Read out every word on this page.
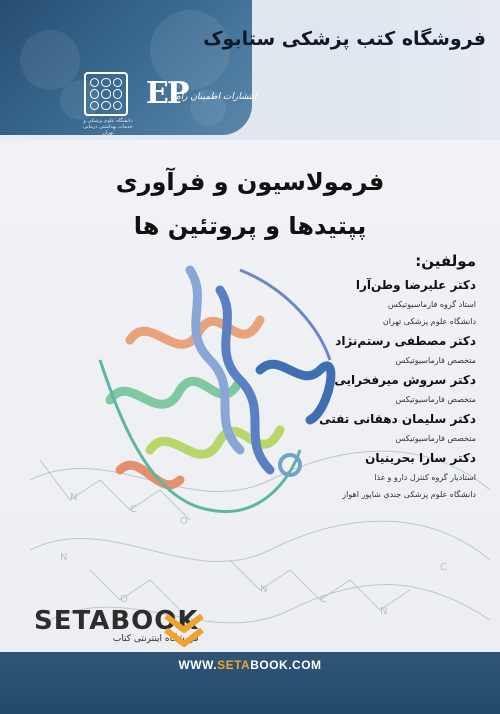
N
C
O
N
C
N
O
C
N
فروشگاه کتب پزشکی ستابوک
دانشگاه علوم پزشکی و خدمات بهداشتی درمانی تهران
EP
انتشارات اطمینان راه
فرمولاسیون و فرآوری
پپتیدها و پروتئین ها
مولفین:
دکتر علیرضا وطن‌آرا
استاد گروه فارماسیوتیکس
دانشگاه علوم پزشکی تهران
دکتر مصطفی رستم‌نژاد
متخصص فارماسیوتیکس
دکتر سروش میرفخرایی
متخصص فارماسیوتیکس
دکتر سلیمان دهقانی تفتی
متخصص فارماسیوتیکس
دکتر سارا بحرینیان
استادیار گروه کنترل دارو و غذا
دانشگاه علوم پزشکی جندی شاپور اهواز
SETABOOK
فروشگاه اینترنتی کتاب
WWW.SETABOOK.COM
